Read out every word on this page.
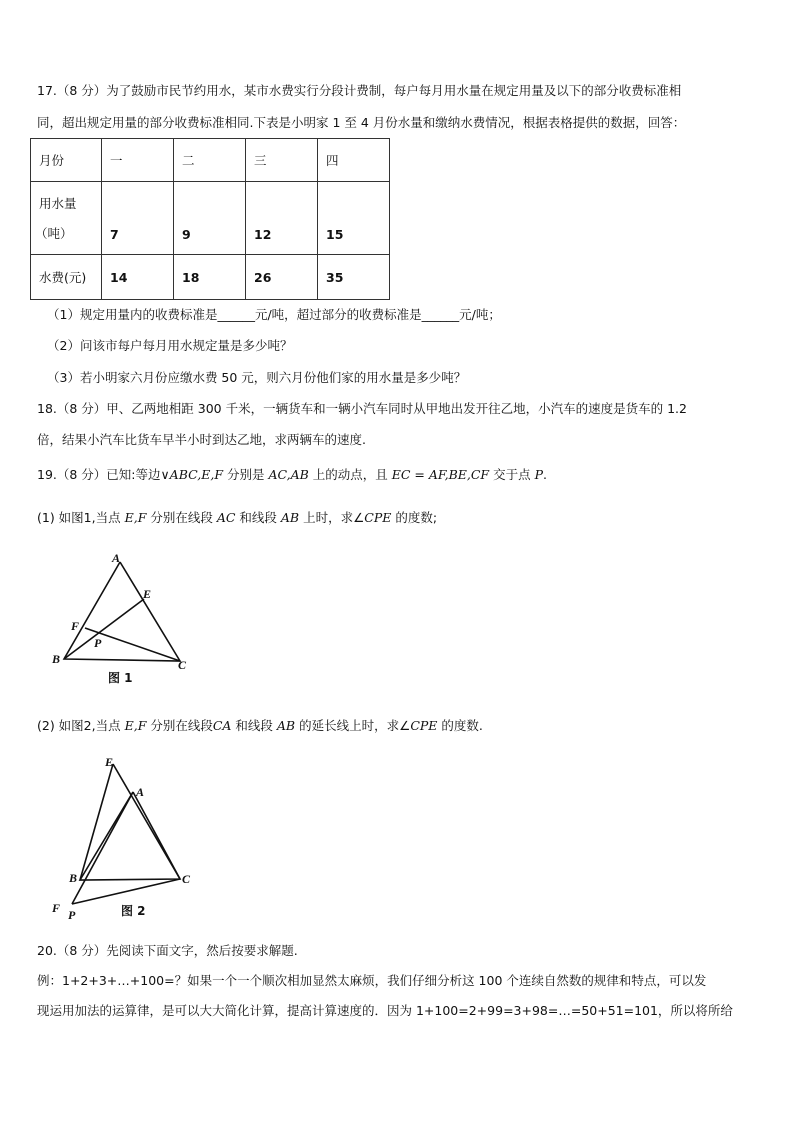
17.（8 分）为了鼓励市民节约用水，某市水费实行分段计费制，每户每月用水量在规定用量及以下的部分收费标准相
同，超出规定用量的部分收费标准相同.下表是小明家 1 至 4 月份水量和缴纳水费情况，根据表格提供的数据，回答：
月份	一	二	三	四

用水量
（吨）	7	9	12	15
水费(元)	14	18	26	35
（1）规定用量内的收费标准是______元/吨，超过部分的收费标准是______元/吨；
（2）问该市每户每月用水规定量是多少吨？
（3）若小明家六月份应缴水费 50 元，则六月份他们家的用水量是多少吨？
18.（8 分）甲、乙两地相距 300 千米，一辆货车和一辆小汽车同时从甲地出发开往乙地，小汽车的速度是货车的 1.2
倍，结果小汽车比货车早半小时到达乙地，求两辆车的速度.
19.（8 分）已知:等边∨ABC,E,F 分别是 AC,AB 上的动点，且 EC = AF,BE,CF 交于点 P.
(1) 如图1,当点 E,F 分别在线段 AC 和线段 AB 上时，求∠CPE 的度数;
A
E
F
P
B	C
图 1
(2) 如图2,当点 E,F 分别在线段CA 和线段 AB 的延长线上时，求∠CPE 的度数.
E
A
B	C
F P	图 2
20.（8 分）先阅读下面文字，然后按要求解题.
例：1+2+3+…+100=？如果一个一个顺次相加显然太麻烦，我们仔细分析这 100 个连续自然数的规律和特点，可以发
现运用加法的运算律，是可以大大简化计算，提高计算速度的．因为 1+100=2+99=3+98=…=50+51=101，所以将所给
